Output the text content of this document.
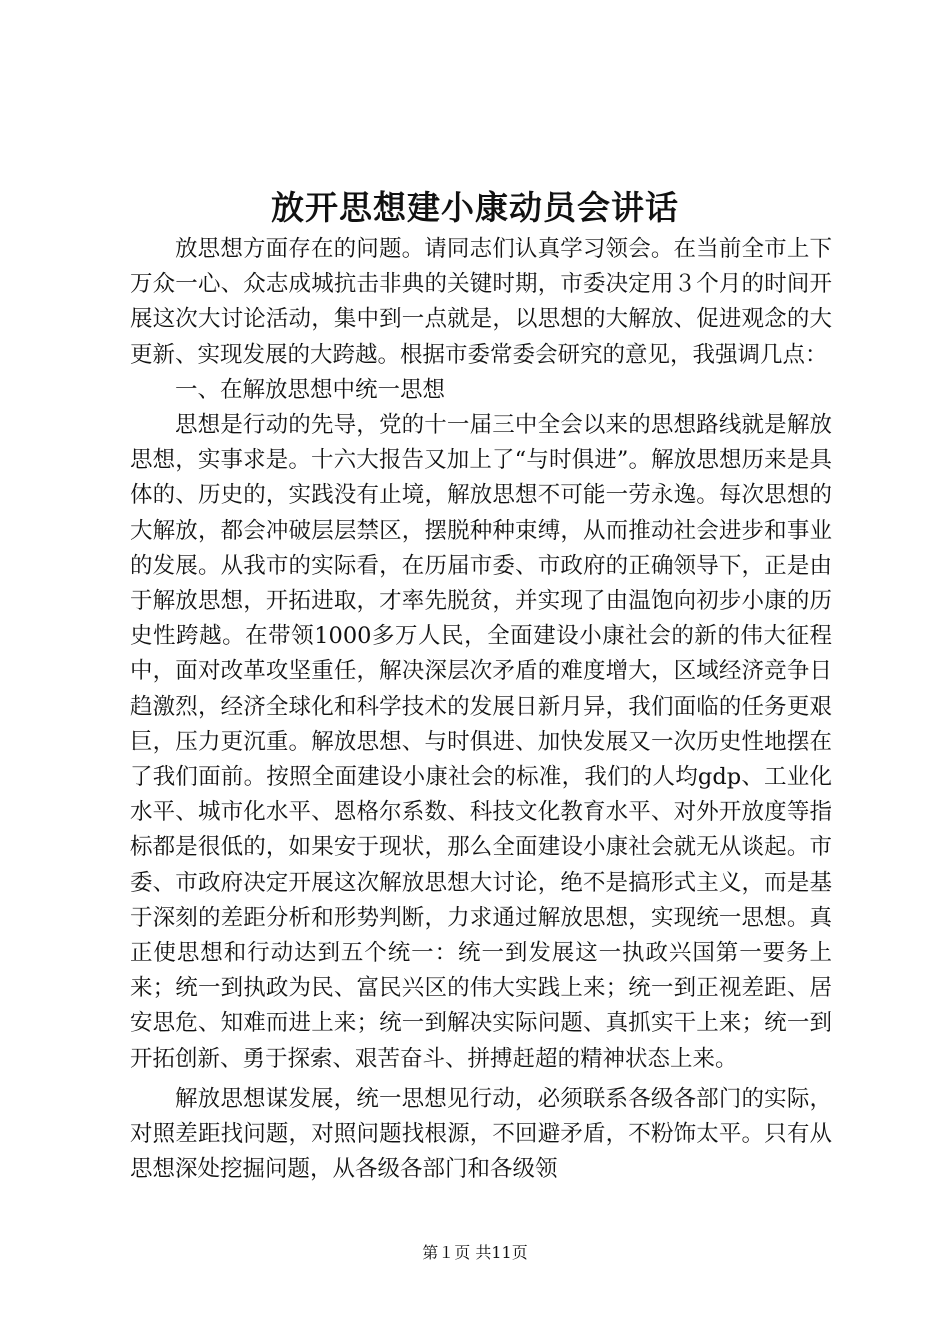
放开思想建小康动员会讲话

放思想方面存在的问题。请同志们认真学习领会。在当前全市上下万众一心、众志成城抗击非典的关键时期，市委决定用３个月的时间开展这次大讨论活动，集中到一点就是，以思想的大解放、促进观念的大更新、实现发展的大跨越。根据市委常委会研究的意见，我强调几点：

一、在解放思想中统一思想

思想是行动的先导，党的十一届三中全会以来的思想路线就是解放思想，实事求是。十六大报告又加上了“与时俱进”。解放思想历来是具体的、历史的，实践没有止境，解放思想不可能一劳永逸。每次思想的大解放，都会冲破层层禁区，摆脱种种束缚，从而推动社会进步和事业的发展。从我市的实际看，在历届市委、市政府的正确领导下，正是由于解放思想，开拓进取，才率先脱贫，并实现了由温饱向初步小康的历史性跨越。在带领1000多万人民，全面建设小康社会的新的伟大征程中，面对改革攻坚重任，解决深层次矛盾的难度增大，区域经济竞争日趋激烈，经济全球化和科学技术的发展日新月异，我们面临的任务更艰巨，压力更沉重。解放思想、与时俱进、加快发展又一次历史性地摆在了我们面前。按照全面建设小康社会的标准，我们的人均gdp、工业化水平、城市化水平、恩格尔系数、科技文化教育水平、对外开放度等指标都是很低的，如果安于现状，那么全面建设小康社会就无从谈起。市委、市政府决定开展这次解放思想大讨论，绝不是搞形式主义，而是基于深刻的差距分析和形势判断，力求通过解放思想，实现统一思想。真正使思想和行动达到五个统一：统一到发展这一执政兴国第一要务上来；统一到执政为民、富民兴区的伟大实践上来；统一到正视差距、居安思危、知难而进上来；统一到解决实际问题、真抓实干上来；统一到开拓创新、勇于探索、艰苦奋斗、拼搏赶超的精神状态上来。

解放思想谋发展，统一思想见行动，必须联系各级各部门的实际，对照差距找问题，对照问题找根源，不回避矛盾，不粉饰太平。只有从思想深处挖掘问题，从各级各部门和各级领

第１页 共11页
